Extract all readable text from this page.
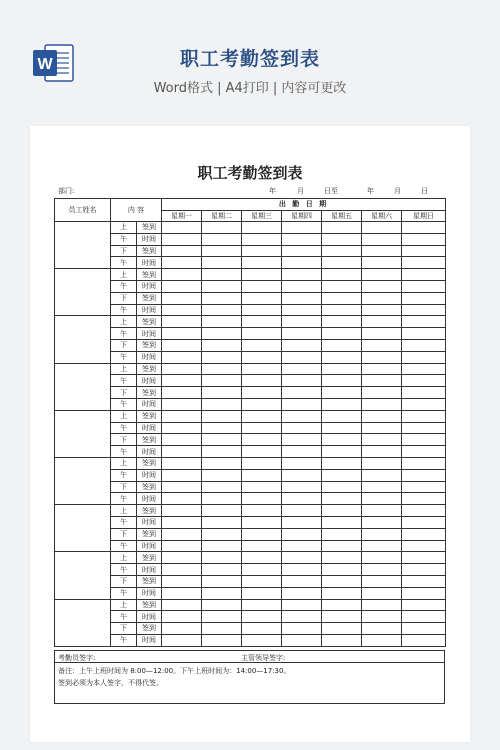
W	职工考勤签到表
Word格式 | A4打印 | 内容可更改
职工考勤签到表
部门:	年	月	日至	年	月	日
员工姓名	内 容		出 勤 日 期						
			星期一	星期二	星期三	星期四	星期五	星期六	星期日
	上	签到							
	午	时间							
	下	签到							
	午	时间							
	上	签到							
	午	时间							
	下	签到							
	午	时间							
	上	签到							
	午	时间							
	下	签到							
	午	时间							
	上	签到							
	午	时间							
	下	签到							
	午	时间							
	上	签到							
	午	时间							
	下	签到							
	午	时间							
	上	签到							
	午	时间							
	下	签到							
	午	时间							
	上	签到							
	午	时间							
	下	签到							
	午	时间							
	上	签到							
	午	时间							
	下	签到							
	午	时间							
	上	签到							
	午	时间							
	下	签到							
	午	时间							
考勤员签字:	主管领导签字:
备注：上午上班时间为 8:00—12:00。下午上班时间为：14:00—17:30。
签到必须为本人签字，不得代签。
